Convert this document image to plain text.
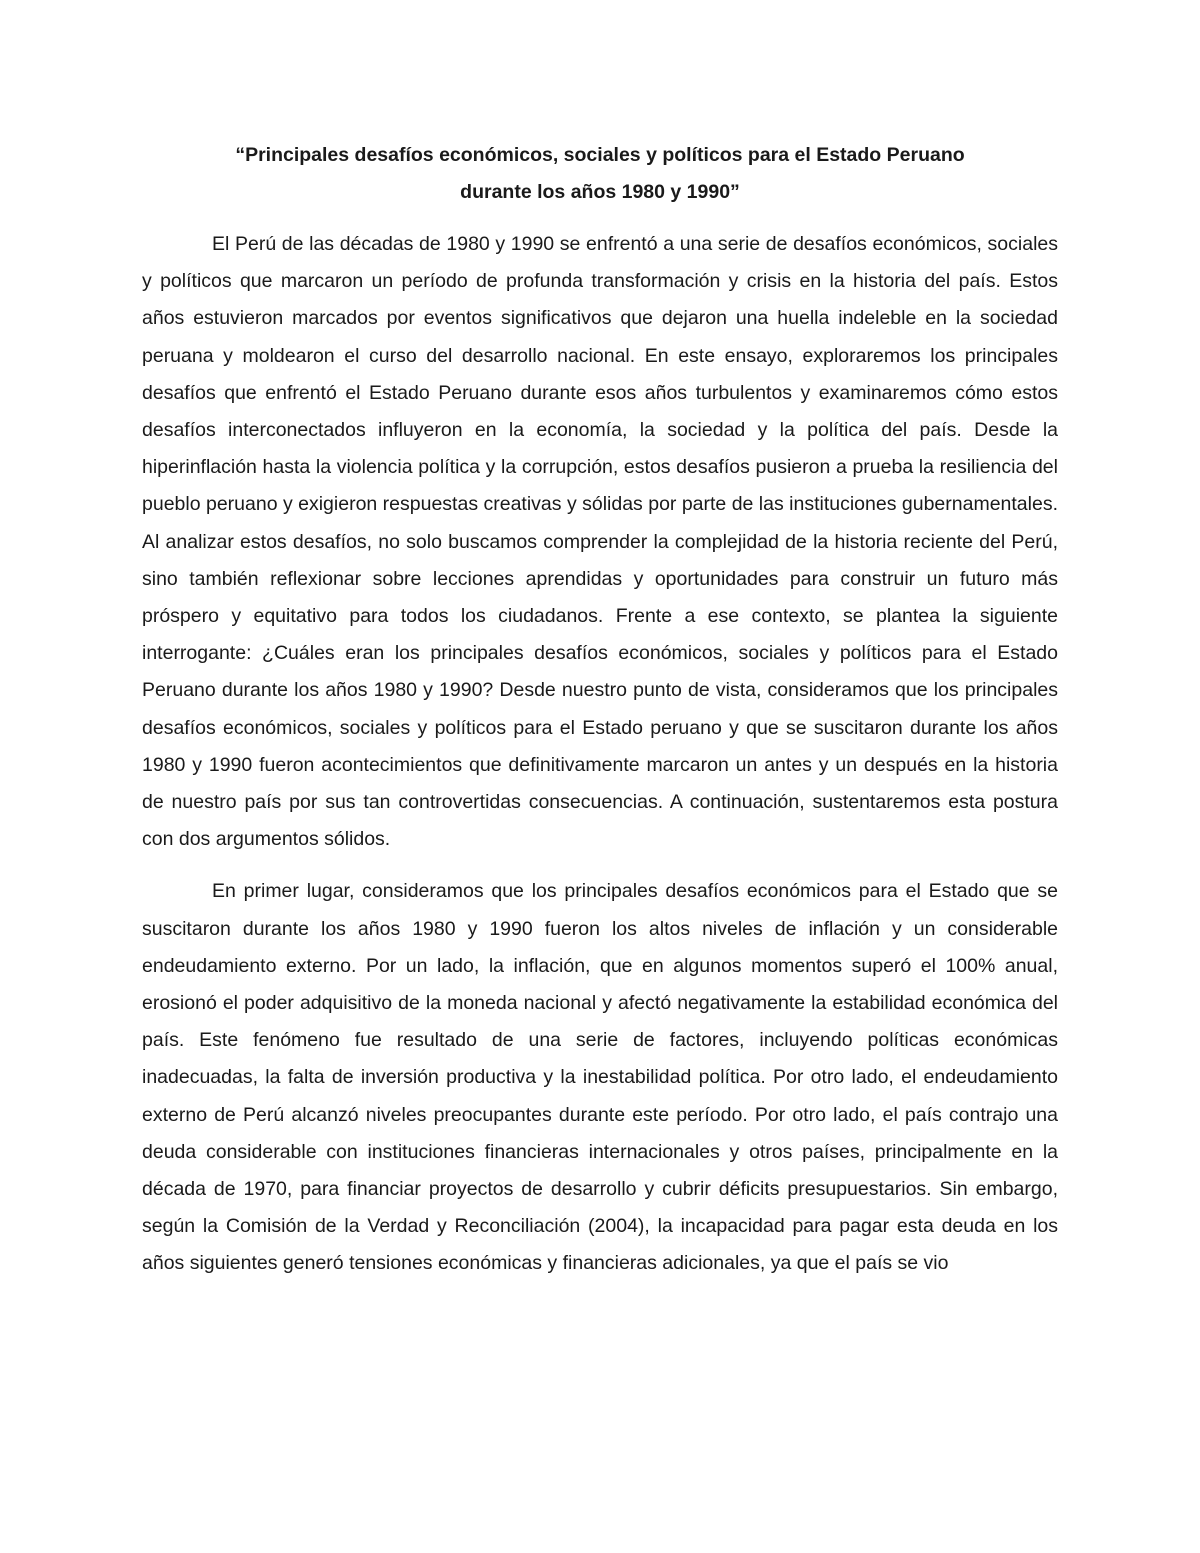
“Principales desafíos económicos, sociales y políticos para el Estado Peruano
durante los años 1980 y 1990”

El Perú de las décadas de 1980 y 1990 se enfrentó a una serie de desafíos económicos, sociales y políticos que marcaron un período de profunda transformación y crisis en la historia del país. Estos años estuvieron marcados por eventos significativos que dejaron una huella indeleble en la sociedad peruana y moldearon el curso del desarrollo nacional. En este ensayo, exploraremos los principales desafíos que enfrentó el Estado Peruano durante esos años turbulentos y examinaremos cómo estos desafíos interconectados influyeron en la economía, la sociedad y la política del país. Desde la hiperinflación hasta la violencia política y la corrupción, estos desafíos pusieron a prueba la resiliencia del pueblo peruano y exigieron respuestas creativas y sólidas por parte de las instituciones gubernamentales. Al analizar estos desafíos, no solo buscamos comprender la complejidad de la historia reciente del Perú, sino también reflexionar sobre lecciones aprendidas y oportunidades para construir un futuro más próspero y equitativo para todos los ciudadanos. Frente a ese contexto, se plantea la siguiente interrogante: ¿Cuáles eran los principales desafíos económicos, sociales y políticos para el Estado Peruano durante los años 1980 y 1990? Desde nuestro punto de vista, consideramos que los principales desafíos económicos, sociales y políticos para el Estado peruano y que se suscitaron durante los años 1980 y 1990 fueron acontecimientos que definitivamente marcaron un antes y un después en la historia de nuestro país por sus tan controvertidas consecuencias. A continuación, sustentaremos esta postura con dos argumentos sólidos.

En primer lugar, consideramos que los principales desafíos económicos para el Estado que se suscitaron durante los años 1980 y 1990 fueron los altos niveles de inflación y un considerable endeudamiento externo. Por un lado, la inflación, que en algunos momentos superó el 100% anual, erosionó el poder adquisitivo de la moneda nacional y afectó negativamente la estabilidad económica del país. Este fenómeno fue resultado de una serie de factores, incluyendo políticas económicas inadecuadas, la falta de inversión productiva y la inestabilidad política. Por otro lado, el endeudamiento externo de Perú alcanzó niveles preocupantes durante este período. Por otro lado, el país contrajo una deuda considerable con instituciones financieras internacionales y otros países, principalmente en la década de 1970, para financiar proyectos de desarrollo y cubrir déficits presupuestarios. Sin embargo, según la Comisión de la Verdad y Reconciliación (2004), la incapacidad para pagar esta deuda en los años siguientes generó tensiones económicas y financieras adicionales, ya que el país se vio
